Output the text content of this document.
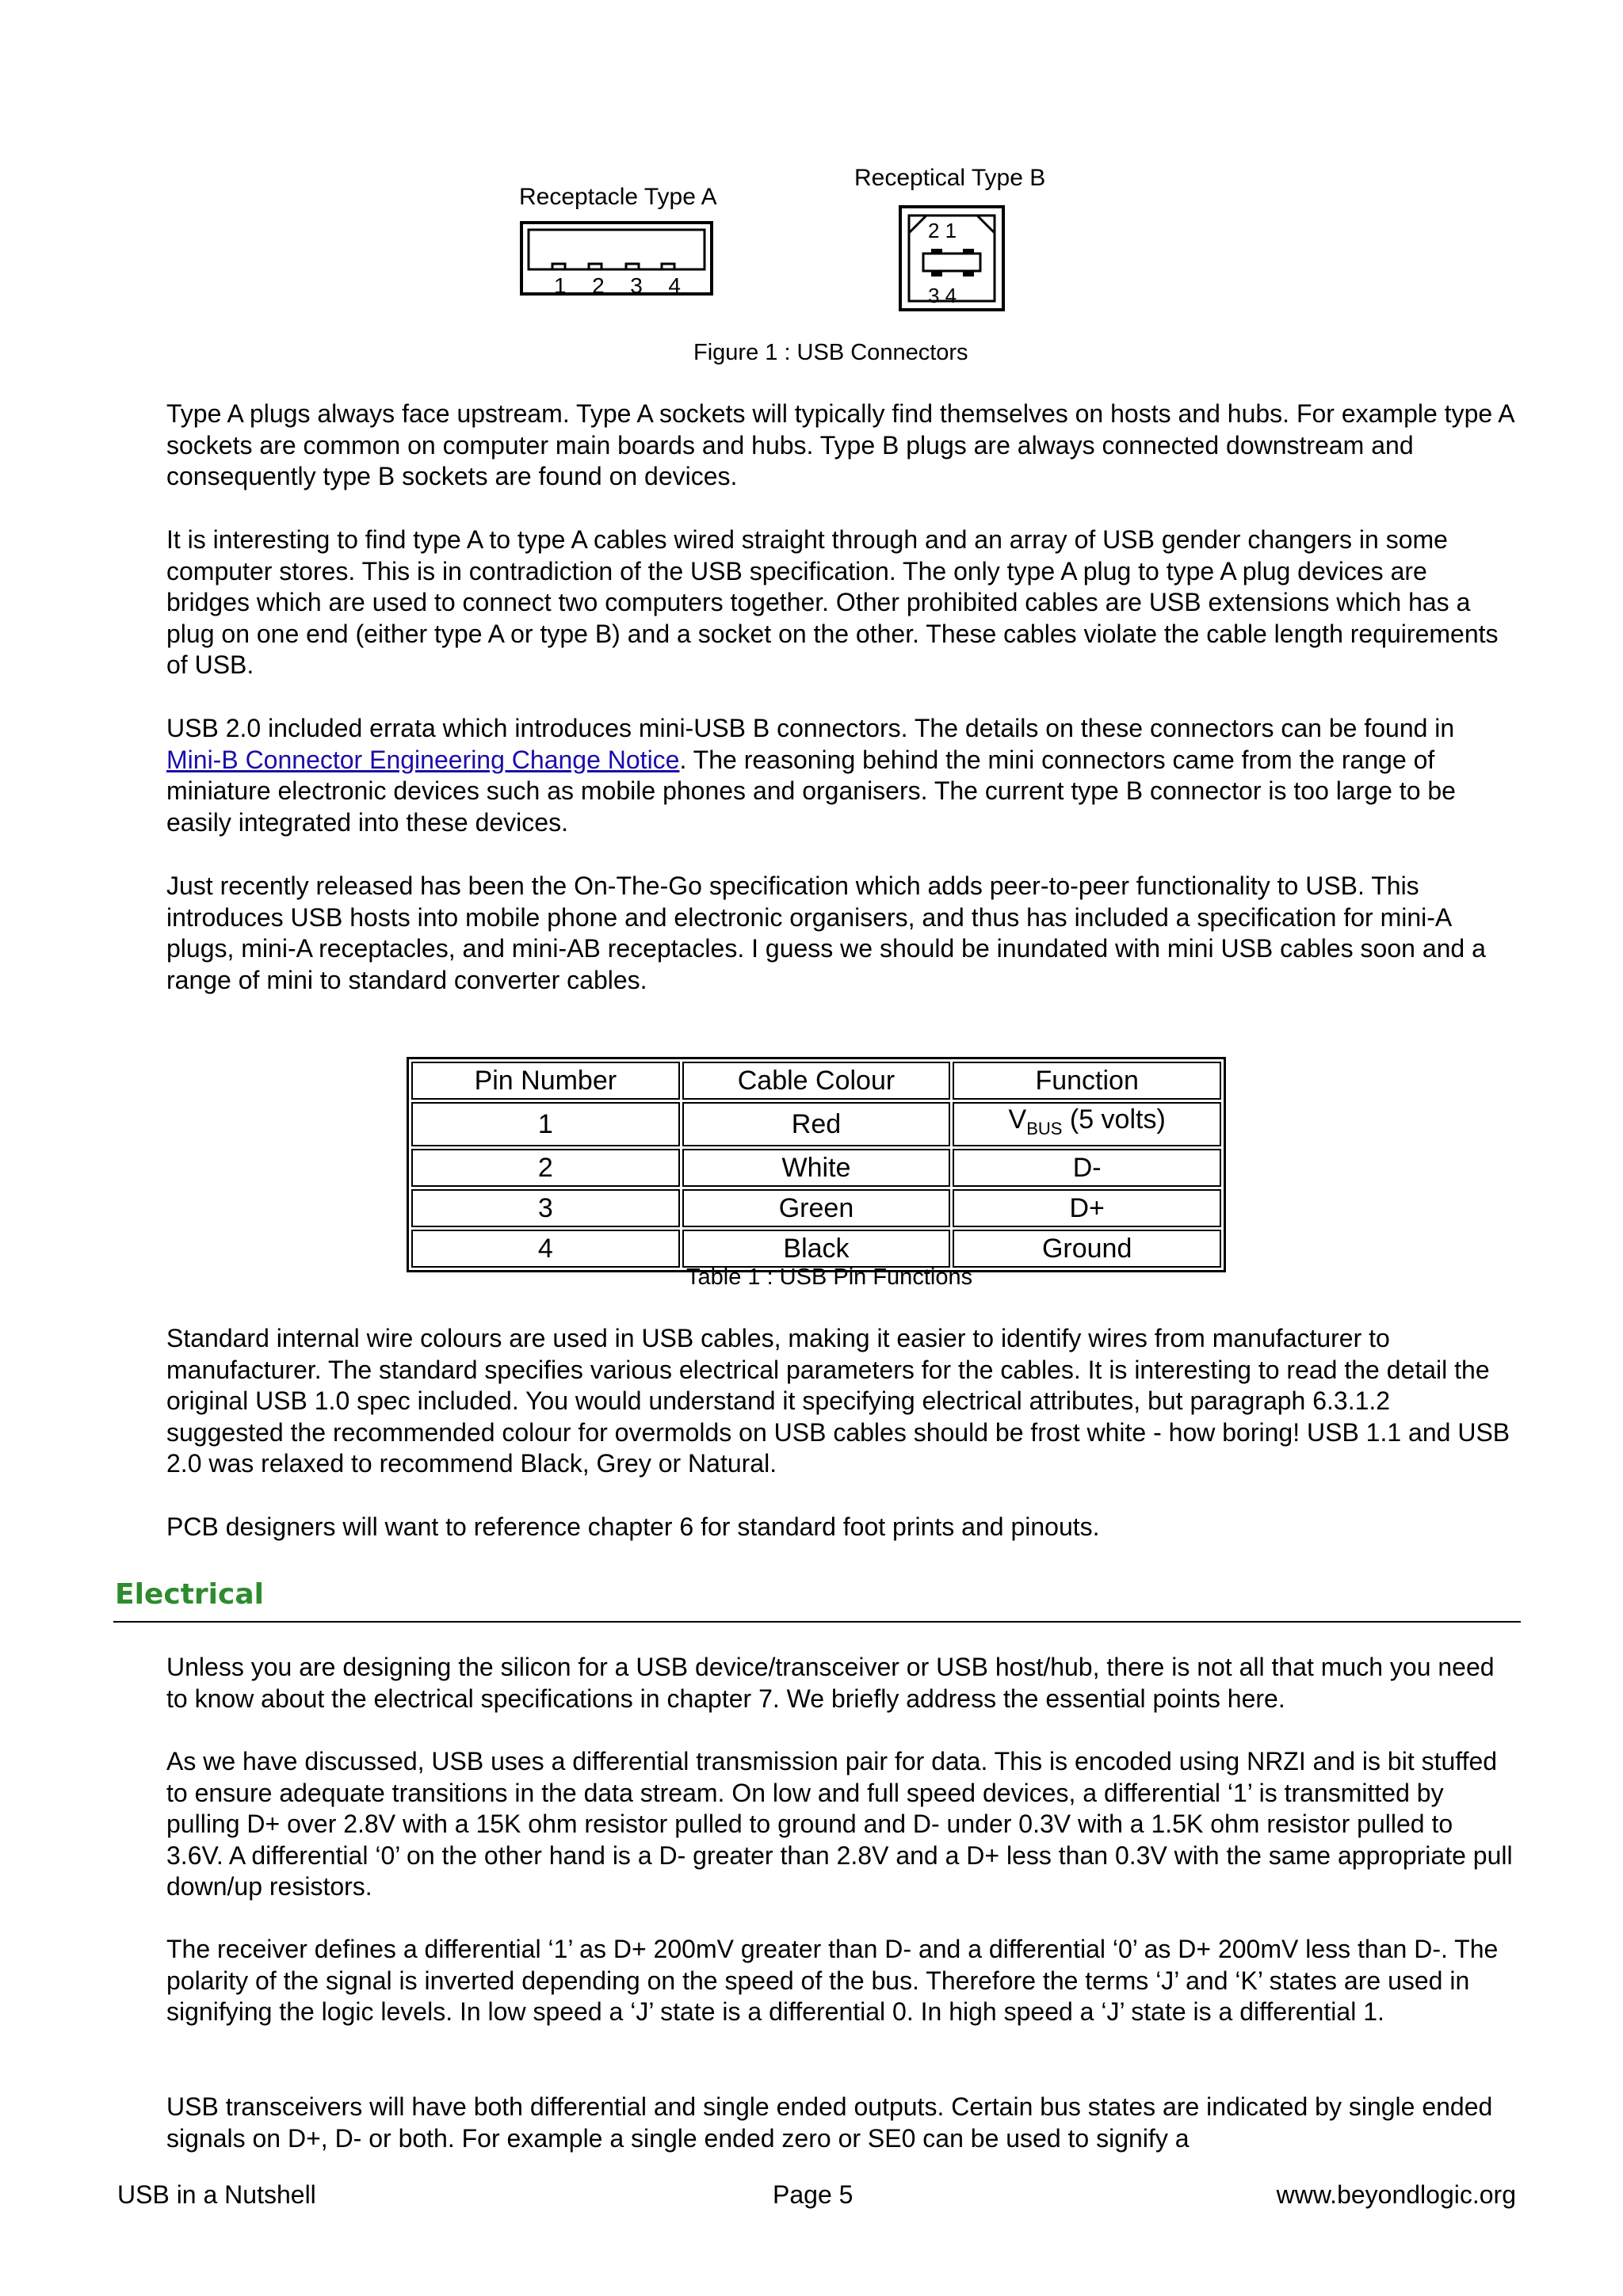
Receptacle Type A
Receptical Type B
1 2 3 4
2 1
3 4
Figure 1 : USB Connectors

Type A plugs always face upstream. Type A sockets will typically find themselves on hosts and hubs. For example type A sockets are common on computer main boards and hubs. Type B plugs are always connected downstream and consequently type B sockets are found on devices.

It is interesting to find type A to type A cables wired straight through and an array of USB gender changers in some computer stores. This is in contradiction of the USB specification. The only type A plug to type A plug devices are bridges which are used to connect two computers together. Other prohibited cables are USB extensions which has a plug on one end (either type A or type B) and a socket on the other. These cables violate the cable length requirements of USB.

USB 2.0 included errata which introduces mini-USB B connectors. The details on these connectors can be found in Mini-B Connector Engineering Change Notice. The reasoning behind the mini connectors came from the range of miniature electronic devices such as mobile phones and organisers. The current type B connector is too large to be easily integrated into these devices.

Just recently released has been the On-The-Go specification which adds peer-to-peer functionality to USB. This introduces USB hosts into mobile phone and electronic organisers, and thus has included a specification for mini-A plugs, mini-A receptacles, and mini-AB receptacles. I guess we should be inundated with mini USB cables soon and a range of mini to standard converter cables.

Pin Number	Cable Colour	Function
1	Red	$V_{BUS}$ (5 volts)
2	White	D-
3	Green	D+
4	Black	Ground
Table 1 : USB Pin Functions

Standard internal wire colours are used in USB cables, making it easier to identify wires from manufacturer to manufacturer. The standard specifies various electrical parameters for the cables. It is interesting to read the detail the original USB 1.0 spec included. You would understand it specifying electrical attributes, but paragraph 6.3.1.2 suggested the recommended colour for overmolds on USB cables should be frost white - how boring! USB 1.1 and USB 2.0 was relaxed to recommend Black, Grey or Natural.

PCB designers will want to reference chapter 6 for standard foot prints and pinouts.

Electrical

Unless you are designing the silicon for a USB device/transceiver or USB host/hub, there is not all that much you need to know about the electrical specifications in chapter 7. We briefly address the essential points here.

As we have discussed, USB uses a differential transmission pair for data. This is encoded using NRZI and is bit stuffed to ensure adequate transitions in the data stream. On low and full speed devices, a differential ‘1’ is transmitted by pulling D+ over 2.8V with a 15K ohm resistor pulled to ground and D- under 0.3V with a 1.5K ohm resistor pulled to 3.6V. A differential ‘0’ on the other hand is a D- greater than 2.8V and a D+ less than 0.3V with the same appropriate pull down/up resistors.

The receiver defines a differential ‘1’ as D+ 200mV greater than D- and a differential ‘0’ as D+ 200mV less than D-. The polarity of the signal is inverted depending on the speed of the bus. Therefore the terms ‘J’ and ‘K’ states are used in signifying the logic levels. In low speed a ‘J’ state is a differential 0. In high speed a ‘J’ state is a differential 1.

USB transceivers will have both differential and single ended outputs. Certain bus states are indicated by single ended signals on D+, D- or both. For example a single ended zero or SE0 can be used to signify a

USB in a Nutshell	Page 5	www.beyondlogic.org
